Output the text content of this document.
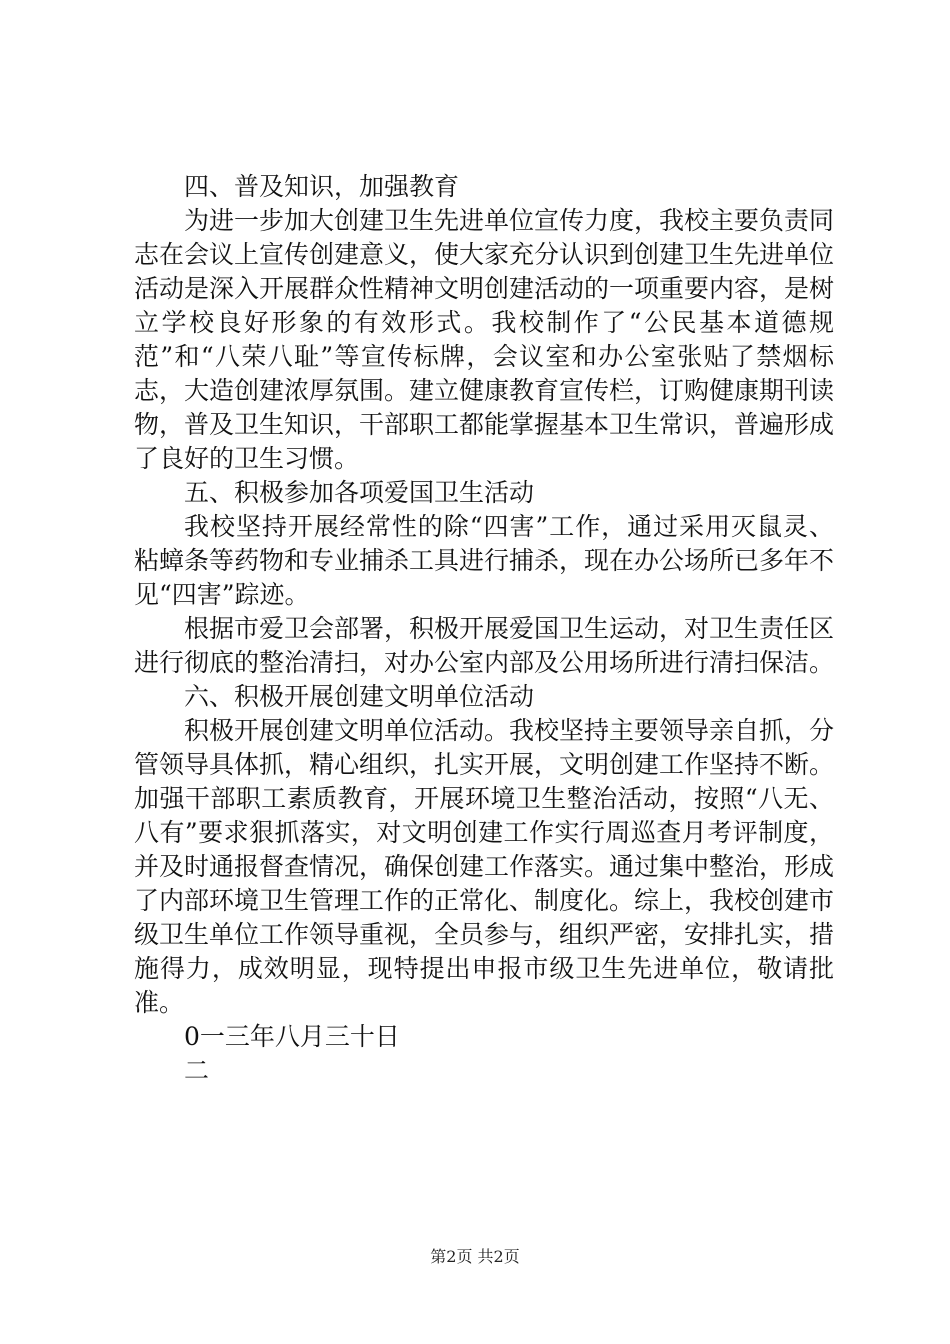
四、普及知识，加强教育

为进一步加大创建卫生先进单位宣传力度，我校主要负责同志在会议上宣传创建意义，使大家充分认识到创建卫生先进单位活动是深入开展群众性精神文明创建活动的一项重要内容，是树立学校良好形象的有效形式。我校制作了“公民基本道德规范”和“八荣八耻”等宣传标牌，会议室和办公室张贴了禁烟标志，大造创建浓厚氛围。建立健康教育宣传栏，订购健康期刊读物，普及卫生知识，干部职工都能掌握基本卫生常识，普遍形成了良好的卫生习惯。

五、积极参加各项爱国卫生活动

我校坚持开展经常性的除“四害”工作，通过采用灭鼠灵、粘蟑条等药物和专业捕杀工具进行捕杀，现在办公场所已多年不见“四害”踪迹。

根据市爱卫会部署，积极开展爱国卫生运动，对卫生责任区进行彻底的整治清扫，对办公室内部及公用场所进行清扫保洁。

六、积极开展创建文明单位活动

积极开展创建文明单位活动。我校坚持主要领导亲自抓，分管领导具体抓，精心组织，扎实开展，文明创建工作坚持不断。加强干部职工素质教育，开展环境卫生整治活动，按照“八无、八有”要求狠抓落实，对文明创建工作实行周巡查月考评制度，并及时通报督查情况，确保创建工作落实。通过集中整治，形成了内部环境卫生管理工作的正常化、制度化。综上，我校创建市级卫生单位工作领导重视，全员参与，组织严密，安排扎实，措施得力，成效明显，现特提出申报市级卫生先进单位，敬请批准。

0一三年八月三十日

二

第2页 共2页
